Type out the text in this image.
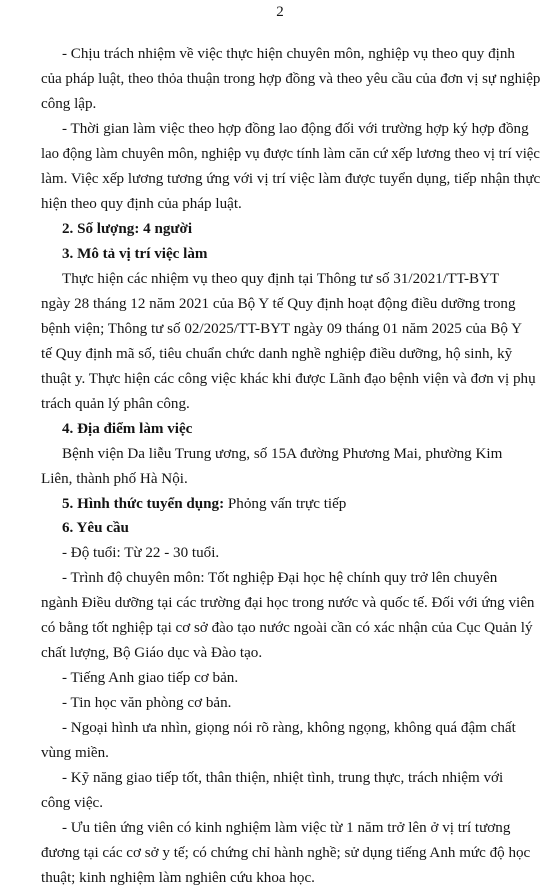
2
- Chịu trách nhiệm về việc thực hiện chuyên môn, nghiệp vụ theo quy định
của pháp luật, theo thỏa thuận trong hợp đồng và theo yêu cầu của đơn vị sự nghiệp
công lập.
- Thời gian làm việc theo hợp đồng lao động đối với trường hợp ký hợp đồng
lao động làm chuyên môn, nghiệp vụ được tính làm căn cứ xếp lương theo vị trí việc
làm. Việc xếp lương tương ứng với vị trí việc làm được tuyển dụng, tiếp nhận thực
hiện theo quy định của pháp luật.
2. Số lượng: 4 người
3. Mô tả vị trí việc làm
Thực hiện các nhiệm vụ theo quy định tại Thông tư số 31/2021/TT-BYT
ngày 28 tháng 12 năm 2021 của Bộ Y tế Quy định hoạt động điều dưỡng trong
bệnh viện; Thông tư số 02/2025/TT-BYT ngày 09 tháng 01 năm 2025 của Bộ Y
tế Quy định mã số, tiêu chuẩn chức danh nghề nghiệp điều dưỡng, hộ sinh, kỹ
thuật y. Thực hiện các công việc khác khi được Lãnh đạo bệnh viện và đơn vị phụ
trách quản lý phân công.
4. Địa điểm làm việc
Bệnh viện Da liễu Trung ương, số 15A đường Phương Mai, phường Kim
Liên, thành phố Hà Nội.
5. Hình thức tuyển dụng: Phỏng vấn trực tiếp
6. Yêu cầu
- Độ tuổi: Từ 22 - 30 tuổi.
- Trình độ chuyên môn: Tốt nghiệp Đại học hệ chính quy trở lên chuyên
ngành Điều dưỡng tại các trường đại học trong nước và quốc tế. Đối với ứng viên
có bằng tốt nghiệp tại cơ sở đào tạo nước ngoài cần có xác nhận của Cục Quản lý
chất lượng, Bộ Giáo dục và Đào tạo.
- Tiếng Anh giao tiếp cơ bản.
- Tin học văn phòng cơ bản.
- Ngoại hình ưa nhìn, giọng nói rõ ràng, không ngọng, không quá đậm chất
vùng miền.
- Kỹ năng giao tiếp tốt, thân thiện, nhiệt tình, trung thực, trách nhiệm với
công việc.
- Ưu tiên ứng viên có kinh nghiệm làm việc từ 1 năm trở lên ở vị trí tương
đương tại các cơ sở y tế; có chứng chỉ hành nghề; sử dụng tiếng Anh mức độ học
thuật; kinh nghiệm làm nghiên cứu khoa học.
